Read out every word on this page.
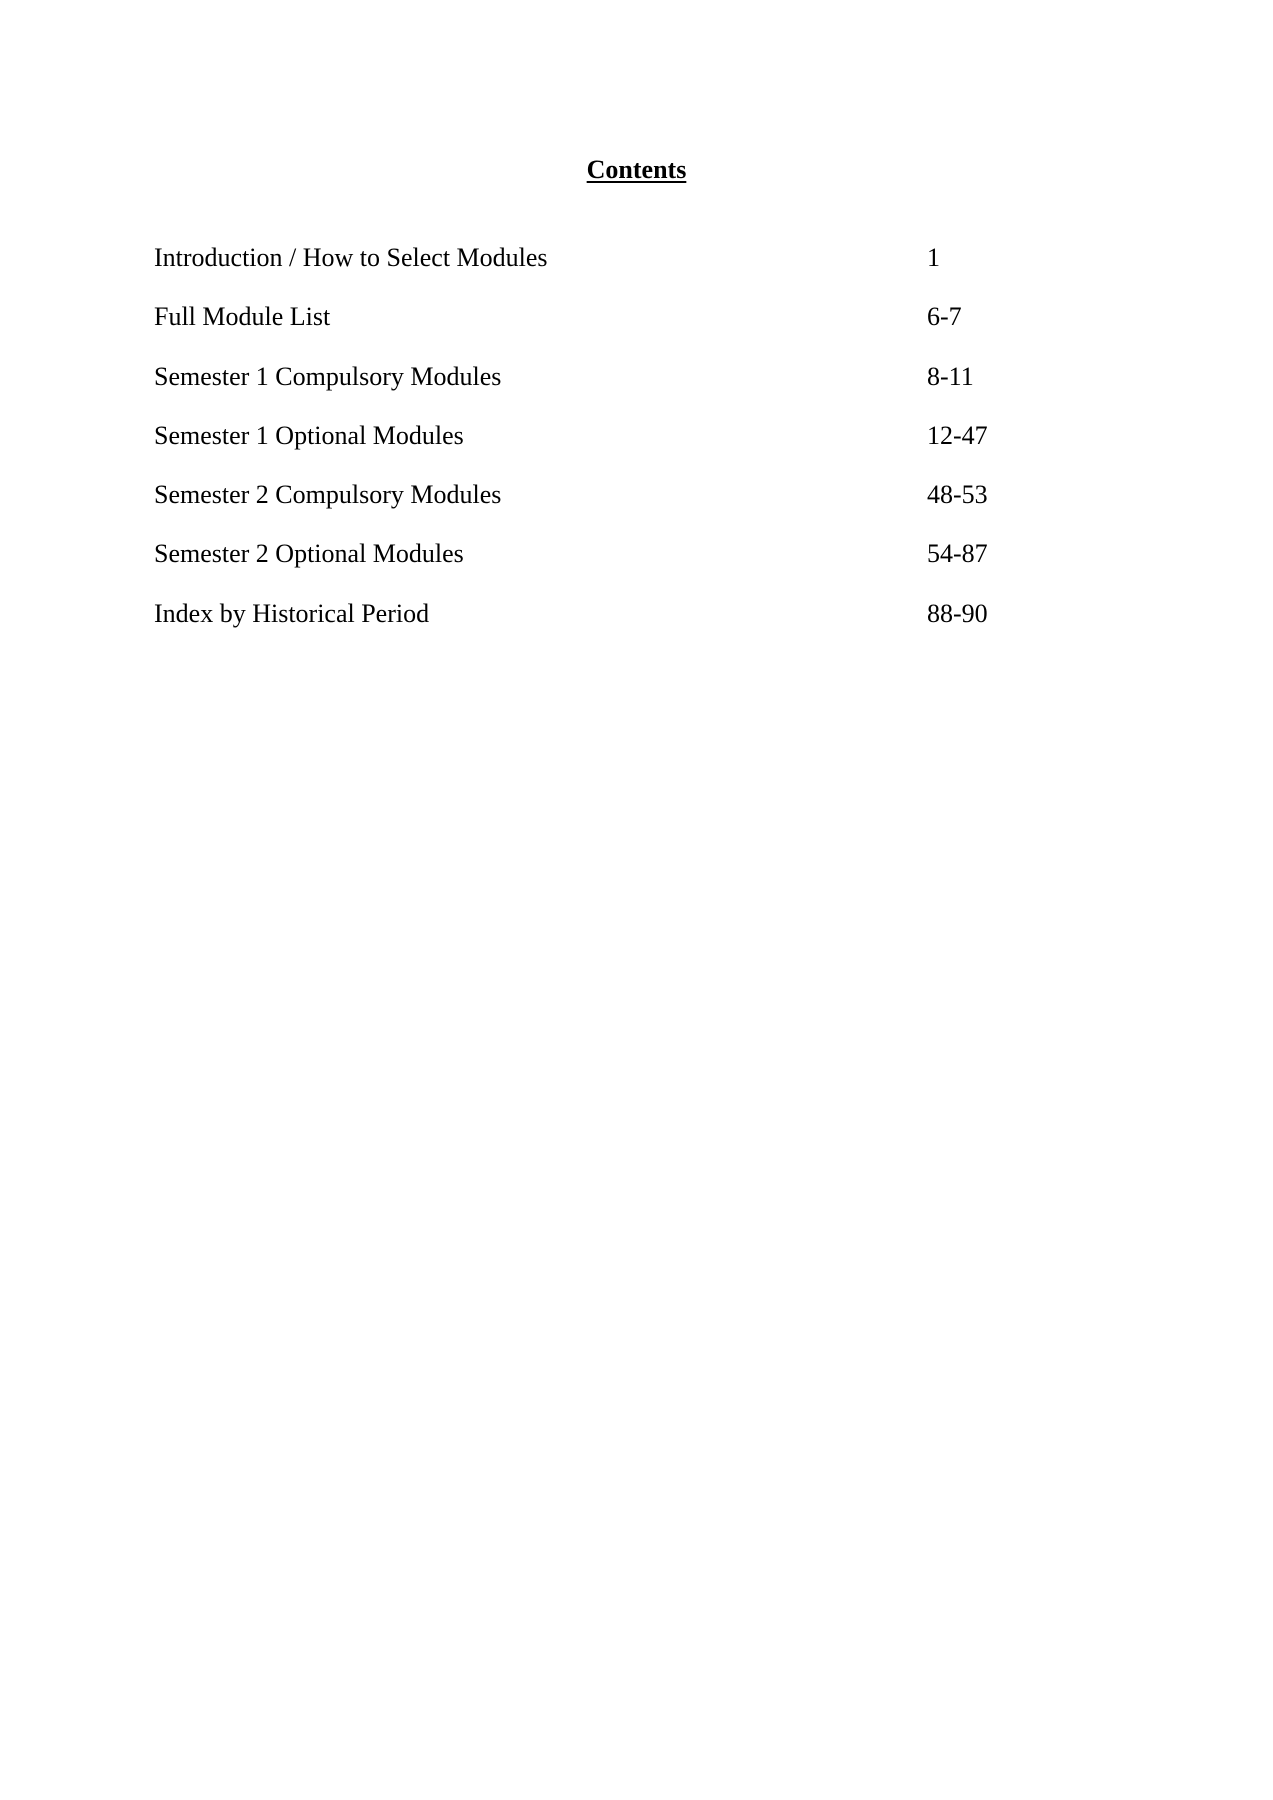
Contents
Introduction / How to Select Modules	1
Full Module List	6-7
Semester 1 Compulsory Modules	8-11
Semester 1 Optional Modules	12-47
Semester 2 Compulsory Modules	48-53
Semester 2 Optional Modules	54-87
Index by Historical Period	88-90
